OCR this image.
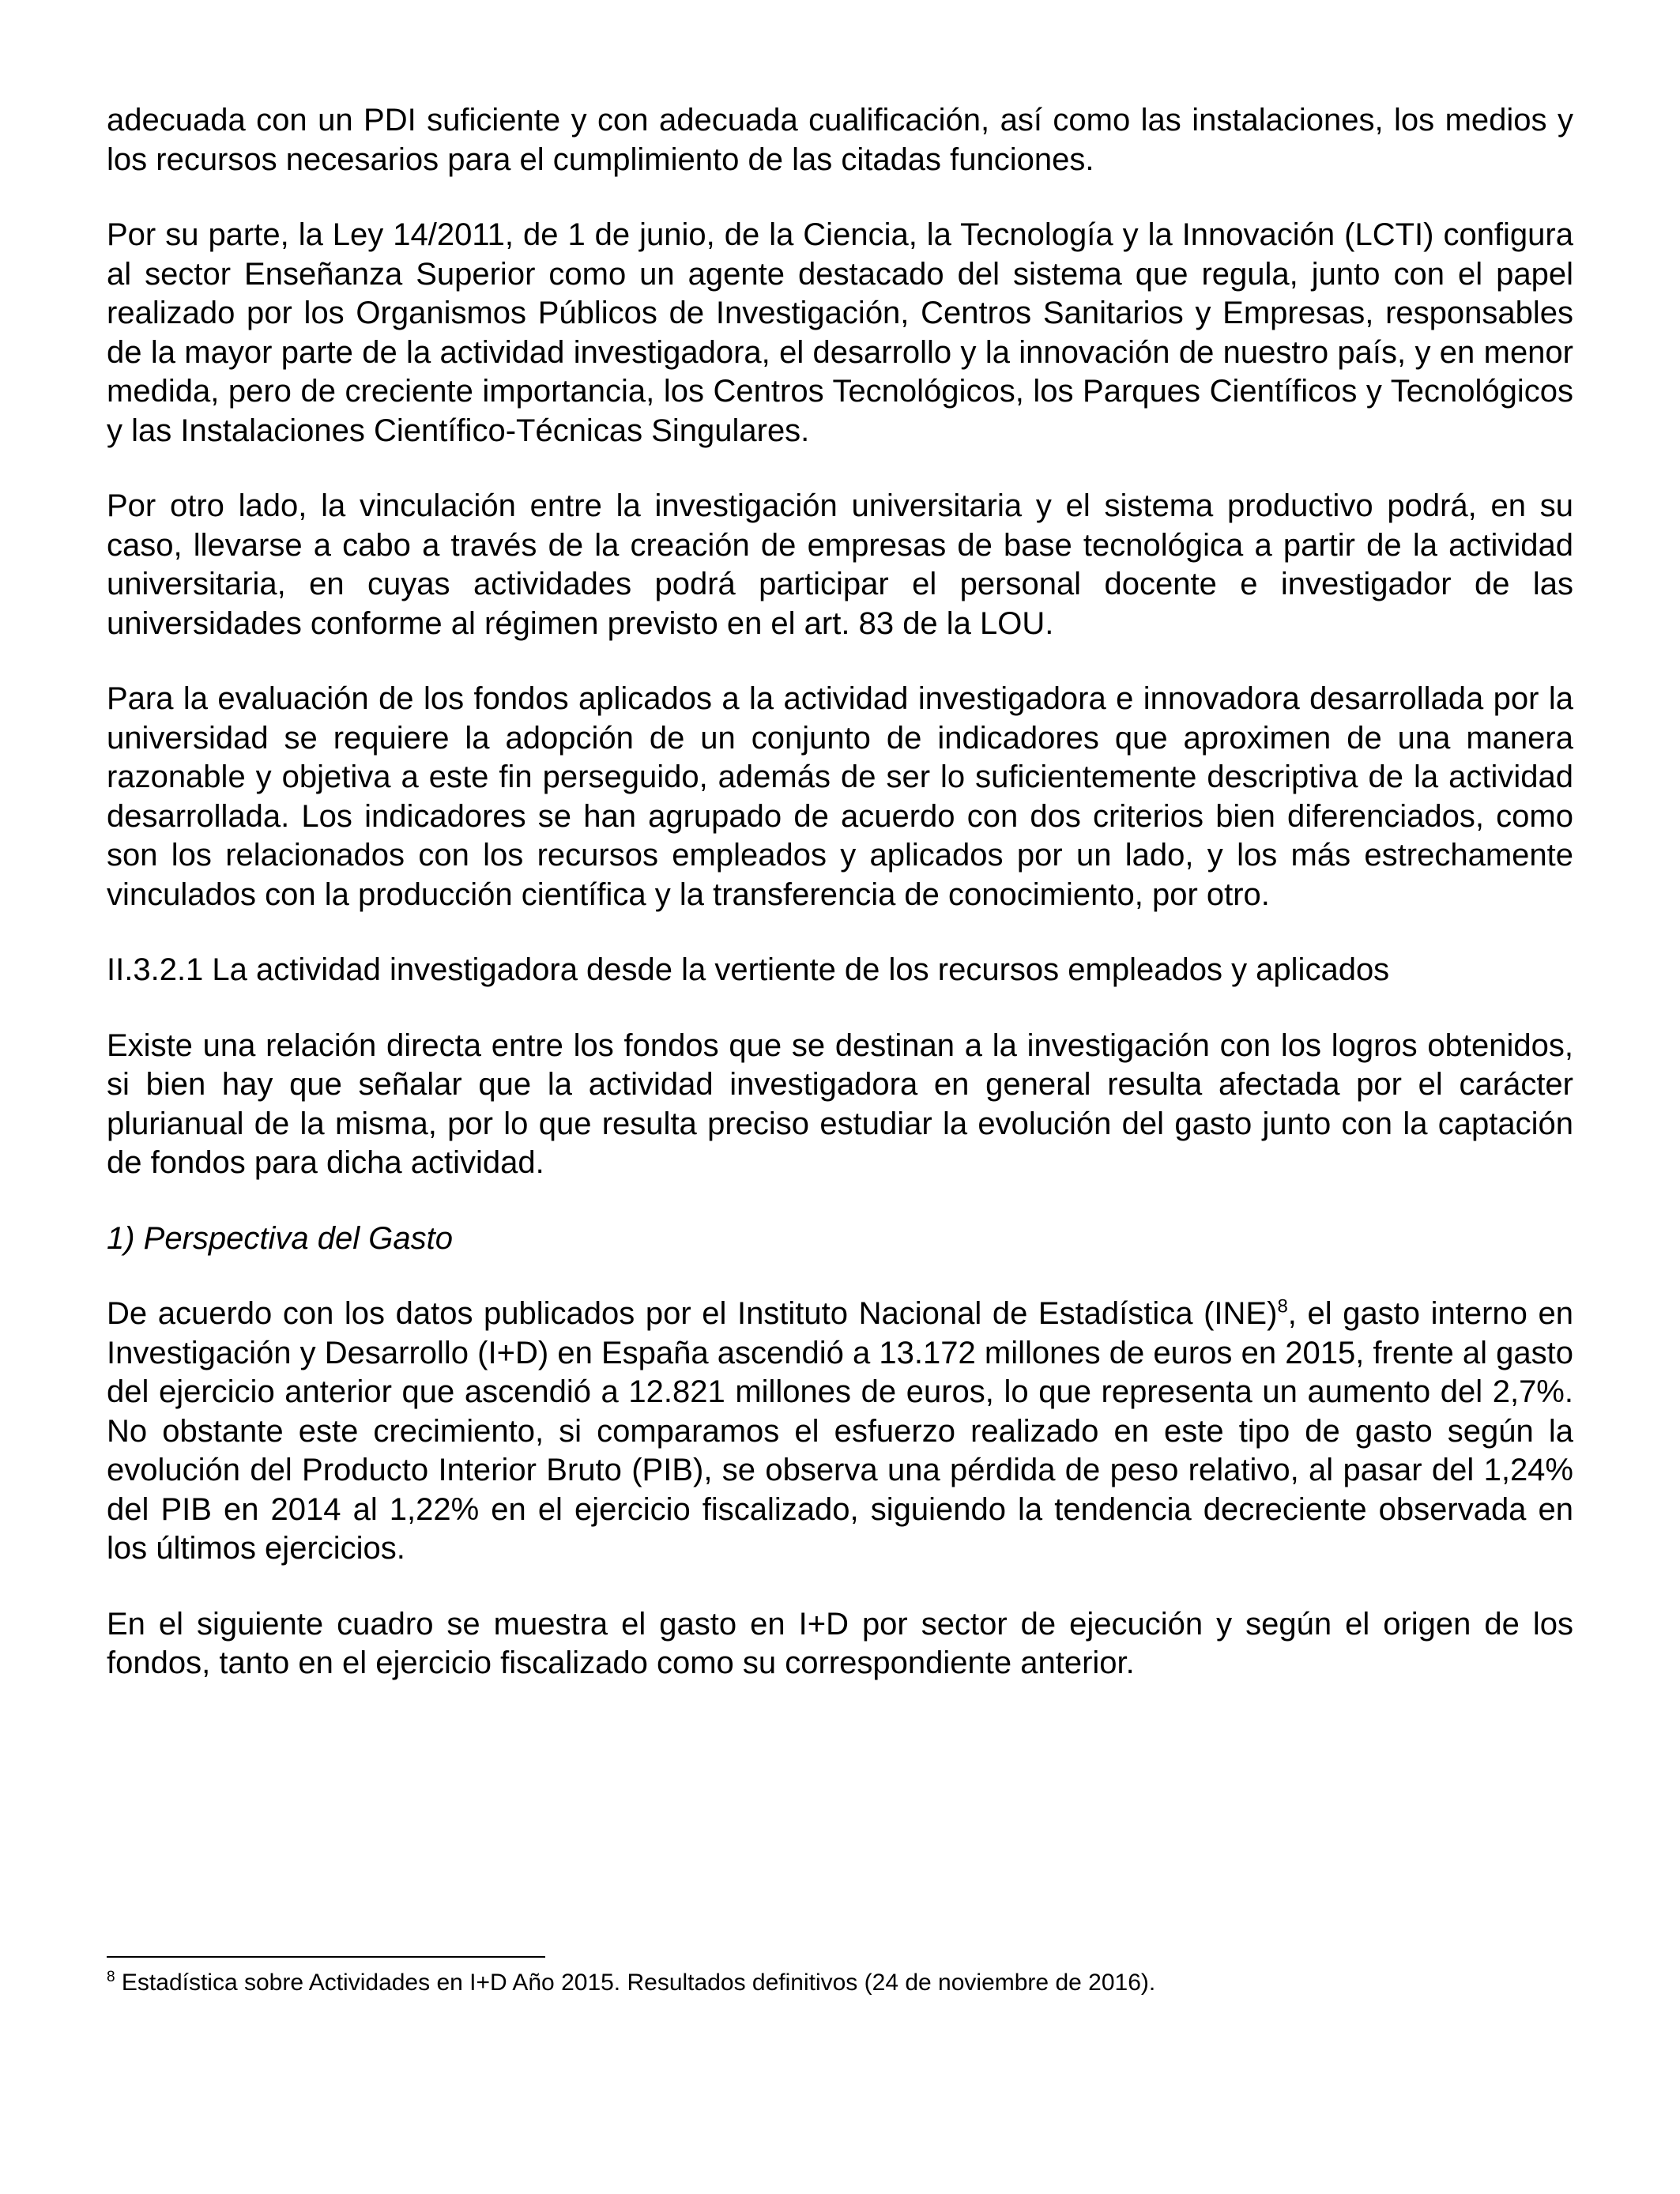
adecuada con un PDI suficiente y con adecuada cualificación, así como las instalaciones, los medios y los recursos necesarios para el cumplimiento de las citadas funciones.

Por su parte, la Ley 14/2011, de 1 de junio, de la Ciencia, la Tecnología y la Innovación (LCTI) configura al sector Enseñanza Superior como un agente destacado del sistema que regula, junto con el papel realizado por los Organismos Públicos de Investigación, Centros Sanitarios y Empresas, responsables de la mayor parte de la actividad investigadora, el desarrollo y la innovación de nuestro país, y en menor medida, pero de creciente importancia, los Centros Tecnológicos, los Parques Científicos y Tecnológicos y las Instalaciones Científico-Técnicas Singulares.

Por otro lado, la vinculación entre la investigación universitaria y el sistema productivo podrá, en su caso, llevarse a cabo a través de la creación de empresas de base tecnológica a partir de la actividad universitaria, en cuyas actividades podrá participar el personal docente e investigador de las universidades conforme al régimen previsto en el art. 83 de la LOU.

Para la evaluación de los fondos aplicados a la actividad investigadora e innovadora desarrollada por la universidad se requiere la adopción de un conjunto de indicadores que aproximen de una manera razonable y objetiva a este fin perseguido, además de ser lo suficientemente descriptiva de la actividad desarrollada. Los indicadores se han agrupado de acuerdo con dos criterios bien diferenciados, como son los relacionados con los recursos empleados y aplicados por un lado, y los más estrechamente vinculados con la producción científica y la transferencia de conocimiento, por otro.

II.3.2.1 La actividad investigadora desde la vertiente de los recursos empleados y aplicados

Existe una relación directa entre los fondos que se destinan a la investigación con los logros obtenidos, si bien hay que señalar que la actividad investigadora en general resulta afectada por el carácter plurianual de la misma, por lo que resulta preciso estudiar la evolución del gasto junto con la captación de fondos para dicha actividad.

1) Perspectiva del Gasto

De acuerdo con los datos publicados por el Instituto Nacional de Estadística (INE)$^8$, el gasto interno en Investigación y Desarrollo (I+D) en España ascendió a 13.172 millones de euros en 2015, frente al gasto del ejercicio anterior que ascendió a 12.821 millones de euros, lo que representa un aumento del 2,7%. No obstante este crecimiento, si comparamos el esfuerzo realizado en este tipo de gasto según la evolución del Producto Interior Bruto (PIB), se observa una pérdida de peso relativo, al pasar del 1,24% del PIB en 2014 al 1,22% en el ejercicio fiscalizado, siguiendo la tendencia decreciente observada en los últimos ejercicios.

En el siguiente cuadro se muestra el gasto en I+D por sector de ejecución y según el origen de los fondos, tanto en el ejercicio fiscalizado como su correspondiente anterior.

$^8$ Estadística sobre Actividades en I+D Año 2015. Resultados definitivos (24 de noviembre de 2016).
